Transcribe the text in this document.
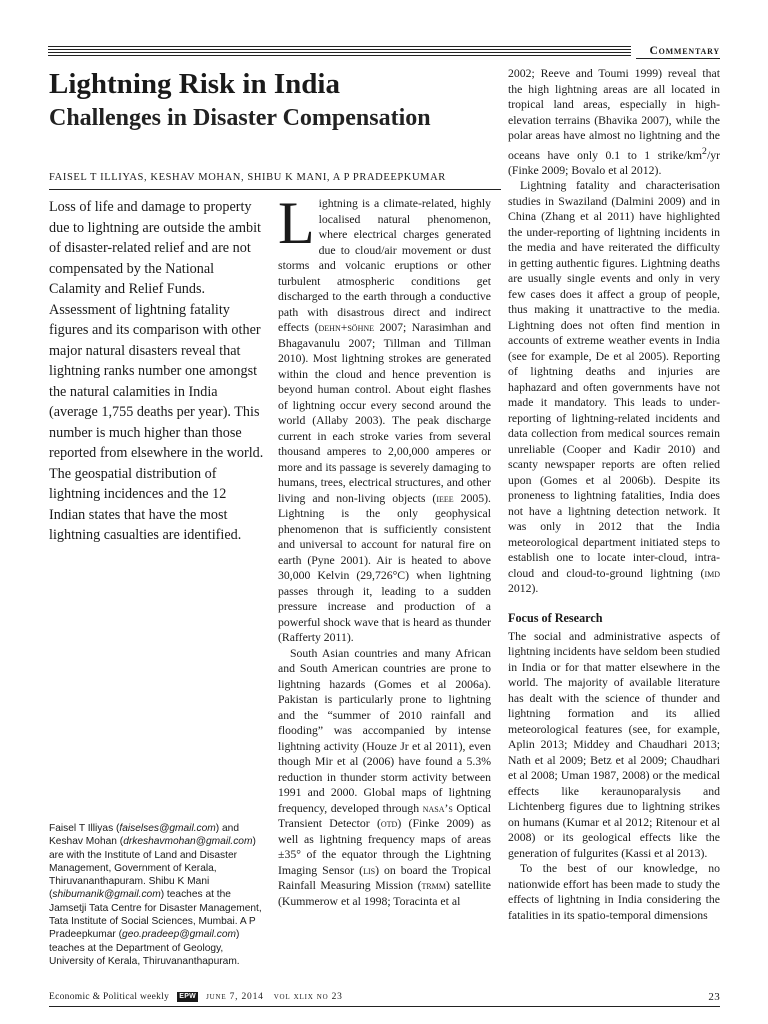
Commentary
Lightning Risk in India
Challenges in Disaster Compensation
FAISEL T ILLIYAS, KESHAV MOHAN, SHIBU K MANI, A P PRADEEPKUMAR

Loss of life and damage to property due to lightning are outside the ambit of disaster-related relief and are not compensated by the National Calamity and Relief Funds. Assessment of lightning fatality figures and its comparison with other major natural disasters reveal that lightning ranks number one amongst the natural calamities in India (average 1,755 deaths per year). This number is much higher than those reported from elsewhere in the world. The geospatial distribution of lightning incidences and the 12 Indian states that have the most lightning casualties are identified.

Faisel T Illiyas (faiselses@gmail.com) and Keshav Mohan (drkeshavmohan@gmail.com) are with the Institute of Land and Disaster Management, Government of Kerala, Thiruvananthapuram. Shibu K Mani (shibumanik@gmail.com) teaches at the Jamsetji Tata Centre for Disaster Management, Tata Institute of Social Sciences, Mumbai. A P Pradeepkumar (geo.pradeep@gmail.com) teaches at the Department of Geology, University of Kerala, Thiruvananthapuram.

Lightning is a climate-related, highly localised natural phenomenon, where electrical charges generated due to cloud/air movement or dust storms and volcanic eruptions or other turbulent atmospheric conditions get discharged to the earth through a conductive path with disastrous direct and indirect effects (dehn+söhne 2007; Narasimhan and Bhagavanulu 2007; Tillman and Tillman 2010). Most lightning strokes are generated within the cloud and hence prevention is beyond human control. About eight flashes of lightning occur every second around the world (Allaby 2003). The peak discharge current in each stroke varies from several thousand amperes to 2,00,000 amperes or more and its passage is severely damaging to humans, trees, electrical structures, and other living and non-living objects (ieee 2005). Lightning is the only geophysical phenomenon that is sufficiently consistent and universal to account for natural fire on earth (Pyne 2001). Air is heated to above 30,000 Kelvin (29,726°C) when lightning passes through it, leading to a sudden pressure increase and production of a powerful shock wave that is heard as thunder (Rafferty 2011).

South Asian countries and many African and South American countries are prone to lightning hazards (Gomes et al 2006a). Pakistan is particularly prone to lightning and the “summer of 2010 rainfall and flooding” was accompanied by intense lightning activity (Houze Jr et al 2011), even though Mir et al (2006) have found a 5.3% reduction in thunder storm activity between 1991 and 2000. Global maps of lightning frequency, developed through nasa’s Optical Transient Detector (otd) (Finke 2009) as well as lightning frequency maps of areas ±35° of the equator through the Lightning Imaging Sensor (lis) on board the Tropical Rainfall Measuring Mission (trmm) satellite (Kummerow et al 1998; Toracinta et al

2002; Reeve and Toumi 1999) reveal that the high lightning areas are all located in tropical land areas, especially in high-elevation terrains (Bhavika 2007), while the polar areas have almost no lightning and the oceans have only 0.1 to 1 strike/$km^2/yr$ (Finke 2009; Bovalo et al 2012).

Lightning fatality and characterisation studies in Swaziland (Dalmini 2009) and in China (Zhang et al 2011) have highlighted the under-reporting of lightning incidents in the media and have reiterated the difficulty in getting authentic figures. Lightning deaths are usually single events and only in very few cases does it affect a group of people, thus making it unattractive to the media. Lightning does not often find mention in accounts of extreme weather events in India (see for example, De et al 2005). Reporting of lightning deaths and injuries are haphazard and often governments have not made it mandatory. This leads to under-reporting of lightning-related incidents and data collection from medical sources remain unreliable (Cooper and Kadir 2010) and scanty newspaper reports are often relied upon (Gomes et al 2006b). Despite its proneness to lightning fatalities, India does not have a lightning detection network. It was only in 2012 that the India meteorological department initiated steps to establish one to locate inter-cloud, intra-cloud and cloud-to-ground lightning (imd 2012).

Focus of Research

The social and administrative aspects of lightning incidents have seldom been studied in India or for that matter elsewhere in the world. The majority of available literature has dealt with the science of thunder and lightning formation and its allied meteorological features (see, for example, Aplin 2013; Middey and Chaudhari 2013; Nath et al 2009; Betz et al 2009; Chaudhari et al 2008; Uman 1987, 2008) or the medical effects like keraunoparalysis and Lichtenberg figures due to lightning strikes on humans (Kumar et al 2012; Ritenour et al 2008) or its geological effects like the generation of fulgurites (Kassi et al 2013).

To the best of our knowledge, no nationwide effort has been made to study the effects of lightning in India considering the fatalities in its spatio-temporal dimensions

Economic & Political weekly EPW june 7, 2014 vol xlix no 23	23
